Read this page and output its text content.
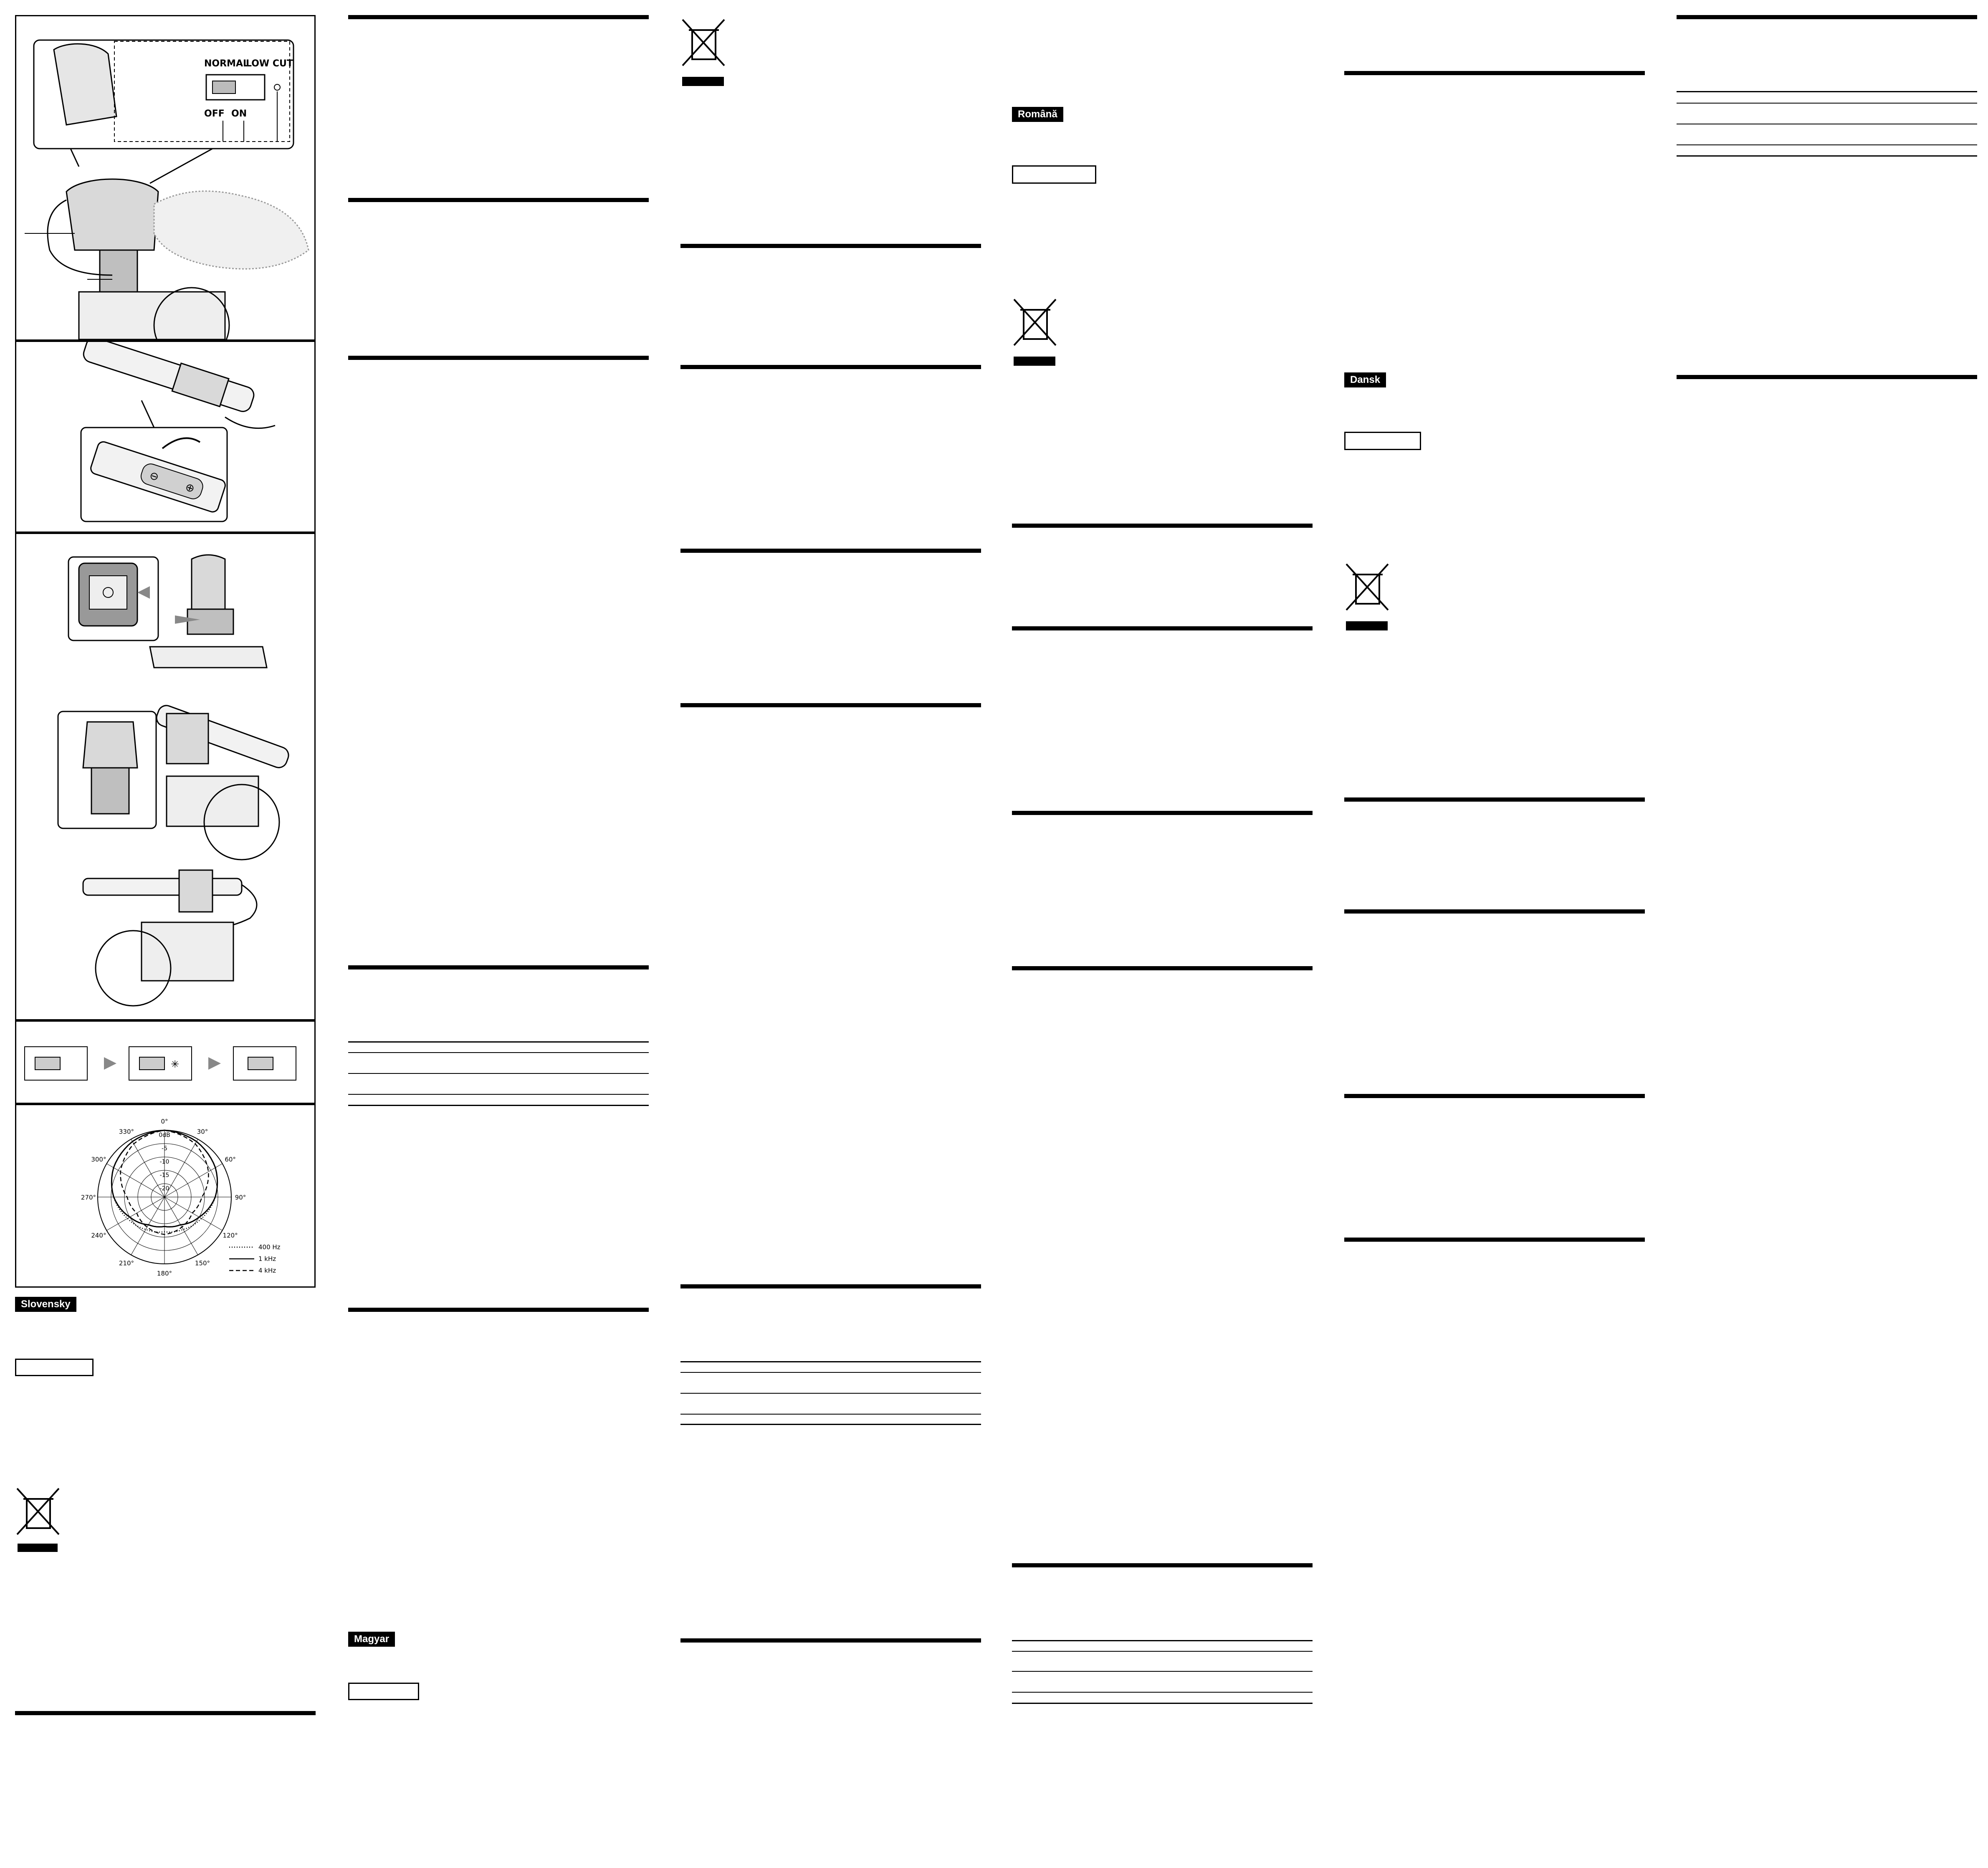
NORMAL
LOW CUT
OFF ON
⊖
⊕
✳
0°
30°
60°
90°
120°
150°
180°
210°
240°
270°
300°
330°	0dB
-5
-10
-15
-20
400 Hz
1 kHz
4 kHz
Slovensky
Magyar
Română
Dansk
